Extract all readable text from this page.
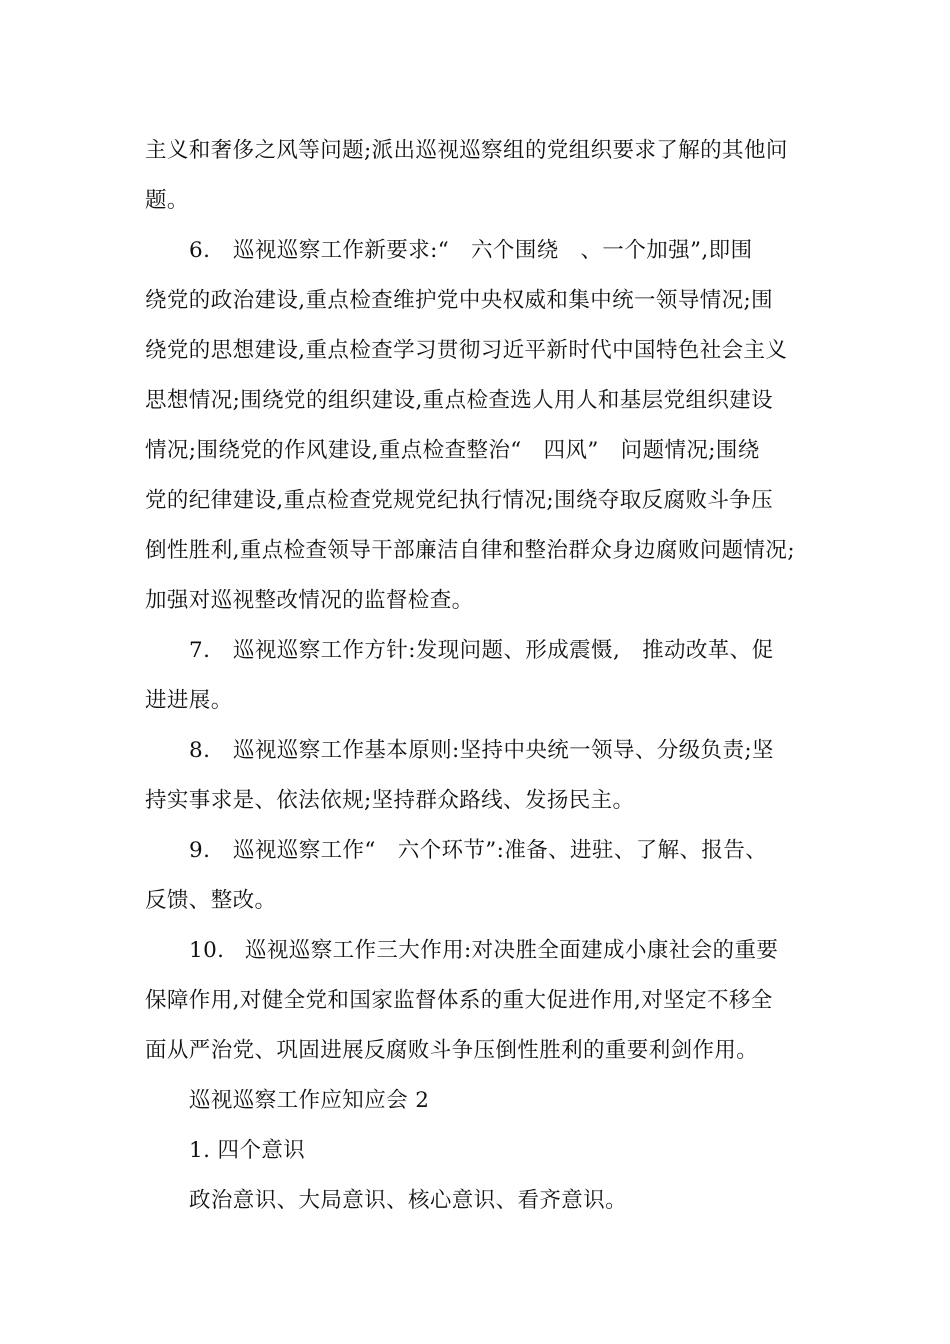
主义和奢侈之风等问题;派出巡视巡察组的党组织要求了解的其他问
题。
6. 巡视巡察工作新要求:“　六个围绕　、一个加强”,即围
绕党的政治建设,重点检查维护党中央权威和集中统一领导情况;围
绕党的思想建设,重点检查学习贯彻习近平新时代中国特色社会主义
思想情况;围绕党的组织建设,重点检查选人用人和基层党组织建设
情况;围绕党的作风建设,重点检查整治“　四风”　问题情况;围绕
党的纪律建设,重点检查党规党纪执行情况;围绕夺取反腐败斗争压
倒性胜利,重点检查领导干部廉洁自律和整治群众身边腐败问题情况;
加强对巡视整改情况的监督检查。
7. 巡视巡察工作方针:发现问题、形成震慑,　推动改革、促
进进展。
8. 巡视巡察工作基本原则:坚持中央统一领导、分级负责;坚
持实事求是、依法依规;坚持群众路线、发扬民主。
9. 巡视巡察工作“　六个环节”:准备、进驻、了解、报告、
反馈、整改。
10. 巡视巡察工作三大作用:对决胜全面建成小康社会的重要
保障作用,对健全党和国家监督体系的重大促进作用,对坚定不移全
面从严治党、巩固进展反腐败斗争压倒性胜利的重要利剑作用。
巡视巡察工作应知应会 2
1. 四个意识
政治意识、大局意识、核心意识、看齐意识。
